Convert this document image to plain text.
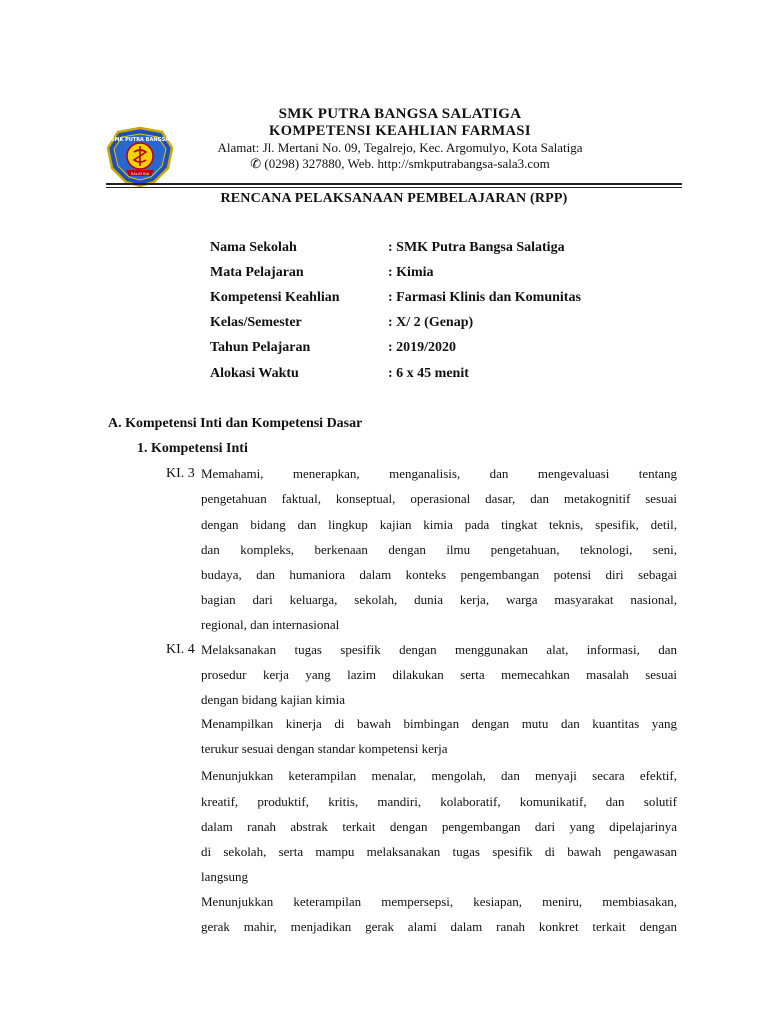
SMK PUTRA BANGSA
SALATIGA
SMK PUTRA BANGSA SALATIGA
KOMPETENSI KEAHLIAN FARMASI
Alamat: Jl. Mertani No. 09, Tegalrejo, Kec. Argomulyo, Kota Salatiga
✆ (0298) 327880, Web. http://smkputrabangsa-sala3.com
RENCANA PELAKSANAAN PEMBELAJARAN (RPP)
Nama Sekolah	: SMK Putra Bangsa Salatiga
Mata Pelajaran	: Kimia
Kompetensi Keahlian	: Farmasi Klinis dan Komunitas
Kelas/Semester	: X/ 2 (Genap)
Tahun Pelajaran	: 2019/2020
Alokasi Waktu	: 6 x 45 menit
A. Kompetensi Inti dan Kompetensi Dasar
1. Kompetensi Inti
KI. 3 Memahami, menerapkan, menganalisis, dan mengevaluasi tentang
pengetahuan faktual, konseptual, operasional dasar, dan metakognitif sesuai
dengan bidang dan lingkup kajian kimia pada tingkat teknis, spesifik, detil,
dan kompleks, berkenaan dengan ilmu pengetahuan, teknologi, seni,
budaya, dan humaniora dalam konteks pengembangan potensi diri sebagai
bagian dari keluarga, sekolah, dunia kerja, warga masyarakat nasional,
regional, dan internasional
KI. 4 Melaksanakan tugas spesifik dengan menggunakan alat, informasi, dan
prosedur kerja yang lazim dilakukan serta memecahkan masalah sesuai
dengan bidang kajian kimia
Menampilkan kinerja di bawah bimbingan dengan mutu dan kuantitas yang
terukur sesuai dengan standar kompetensi kerja
Menunjukkan keterampilan menalar, mengolah, dan menyaji secara efektif,
kreatif, produktif, kritis, mandiri, kolaboratif, komunikatif, dan solutif
dalam ranah abstrak terkait dengan pengembangan dari yang dipelajarinya
di sekolah, serta mampu melaksanakan tugas spesifik di bawah pengawasan
langsung
Menunjukkan keterampilan mempersepsi, kesiapan, meniru, membiasakan,
gerak mahir, menjadikan gerak alami dalam ranah konkret terkait dengan
